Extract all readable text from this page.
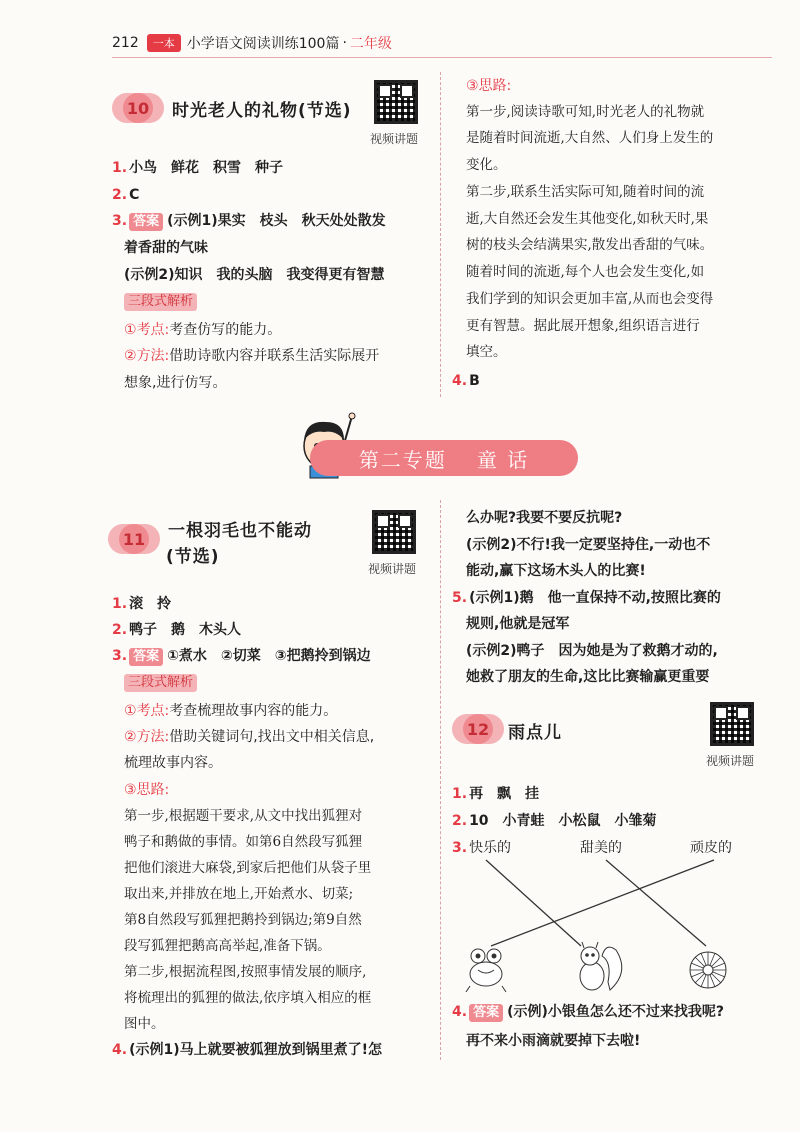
212	一本 小学语文阅读训练100篇 · 二年级
10 时光老人的礼物(节选)
视频讲题
1. 小鸟　鲜花　积雪　种子
2. C
3. 答案 (示例1)果实　枝头　秋天处处散发
着香甜的气味
(示例2)知识　我的头脑　我变得更有智慧
三段式解析
①考点:考查仿写的能力。
②方法:借助诗歌内容并联系生活实际展开
想象,进行仿写。
③思路:
第一步,阅读诗歌可知,时光老人的礼物就
是随着时间流逝,大自然、人们身上发生的
变化。
第二步,联系生活实际可知,随着时间的流
逝,大自然还会发生其他变化,如秋天时,果
树的枝头会结满果实,散发出香甜的气味。
随着时间的流逝,每个人也会发生变化,如
我们学到的知识会更加丰富,从而也会变得
更有智慧。据此展开想象,组织语言进行
填空。
4. B
第二专题 童 话
11 一根羽毛也不能动
(节选)
视频讲题
1. 滚　拎
2. 鸭子　鹅　木头人
3. 答案 ①煮水　②切菜　③把鹅拎到锅边
三段式解析
①考点:考查梳理故事内容的能力。
②方法:借助关键词句,找出文中相关信息,
梳理故事内容。
③思路:
第一步,根据题干要求,从文中找出狐狸对
鸭子和鹅做的事情。如第6自然段写狐狸
把他们滚进大麻袋,到家后把他们从袋子里
取出来,并排放在地上,开始煮水、切菜;
第8自然段写狐狸把鹅拎到锅边;第9自然
段写狐狸把鹅高高举起,准备下锅。
第二步,根据流程图,按照事情发展的顺序,
将梳理出的狐狸的做法,依序填入相应的框
图中。
4. (示例1)马上就要被狐狸放到锅里煮了!怎
么办呢?我要不要反抗呢?
(示例2)不行!我一定要坚持住,一动也不
能动,赢下这场木头人的比赛!
5. (示例1)鹅　他一直保持不动,按照比赛的
规则,他就是冠军
(示例2)鸭子　因为她是为了救鹅才动的,
她救了朋友的生命,这比比赛输赢更重要
12 雨点儿
视频讲题
1. 再　飘　挂
2. 10　小青蛙　小松鼠　小雏菊
3. 快乐的	甜美的	顽皮的
4. 答案 (示例)小银鱼怎么还不过来找我呢?
再不来小雨滴就要掉下去啦!
